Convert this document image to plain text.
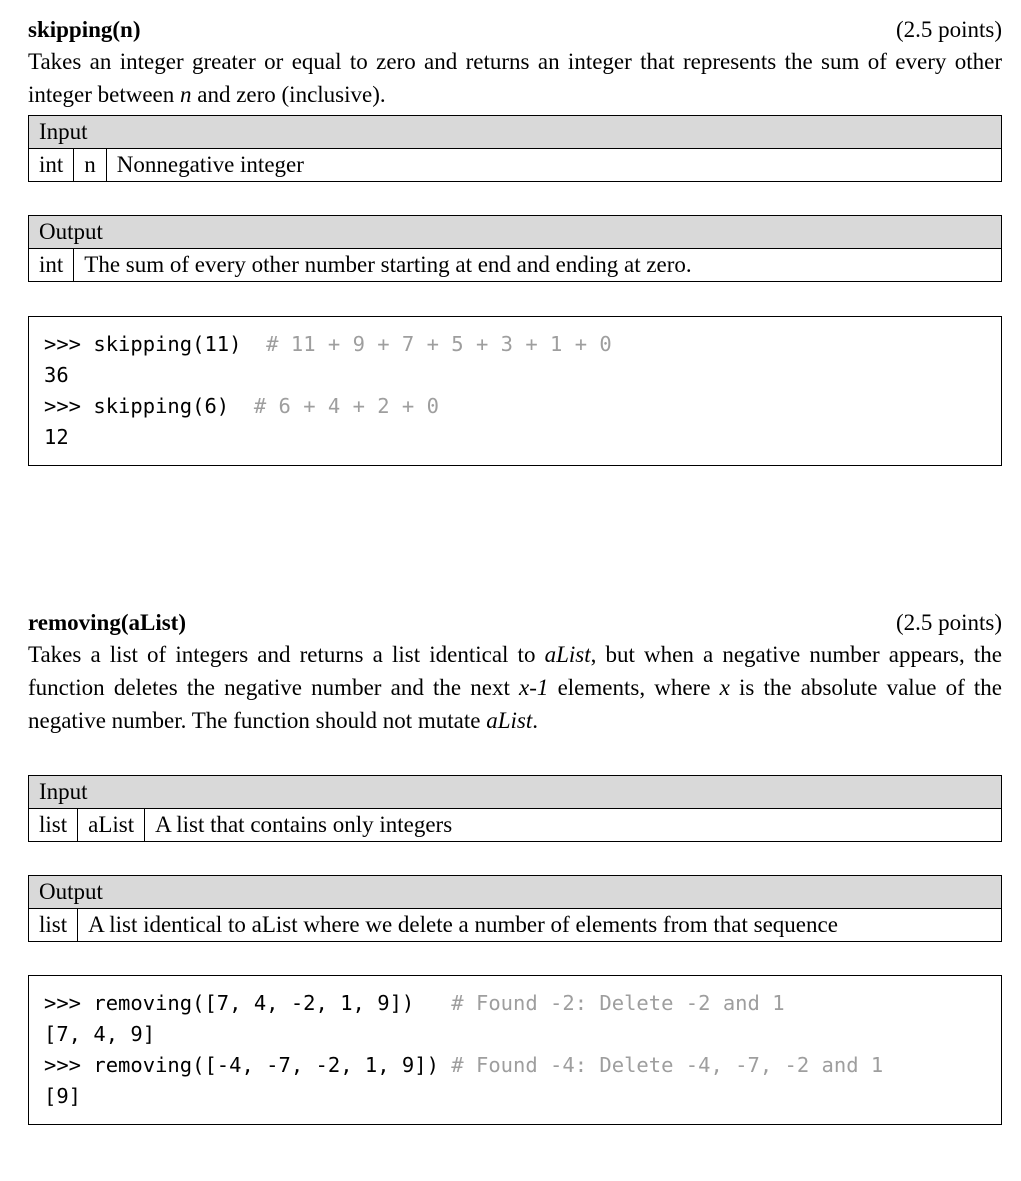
skipping(n)	(2.5 points)

Takes an integer greater or equal to zero and returns an integer that represents the sum of every other integer between n and zero (inclusive).

Input
int	n	Nonnegative integer
Output
int	The sum of every other number starting at end and ending at zero.
>>> skipping(11)  # 11 + 9 + 7 + 5 + 3 + 1 + 0
36
>>> skipping(6)  # 6 + 4 + 2 + 0
12
removing(aList)	(2.5 points)

Takes a list of integers and returns a list identical to aList, but when a negative number appears, the function deletes the negative number and the next x-1 elements, where x is the absolute value of the negative number. The function should not mutate aList.

Input
list	aList	A list that contains only integers
Output
list	A list identical to aList where we delete a number of elements from that sequence
>>> removing([7, 4, -2, 1, 9])   # Found -2: Delete -2 and 1
[7, 4, 9]
>>> removing([-4, -7, -2, 1, 9]) # Found -4: Delete -4, -7, -2 and 1
[9]
